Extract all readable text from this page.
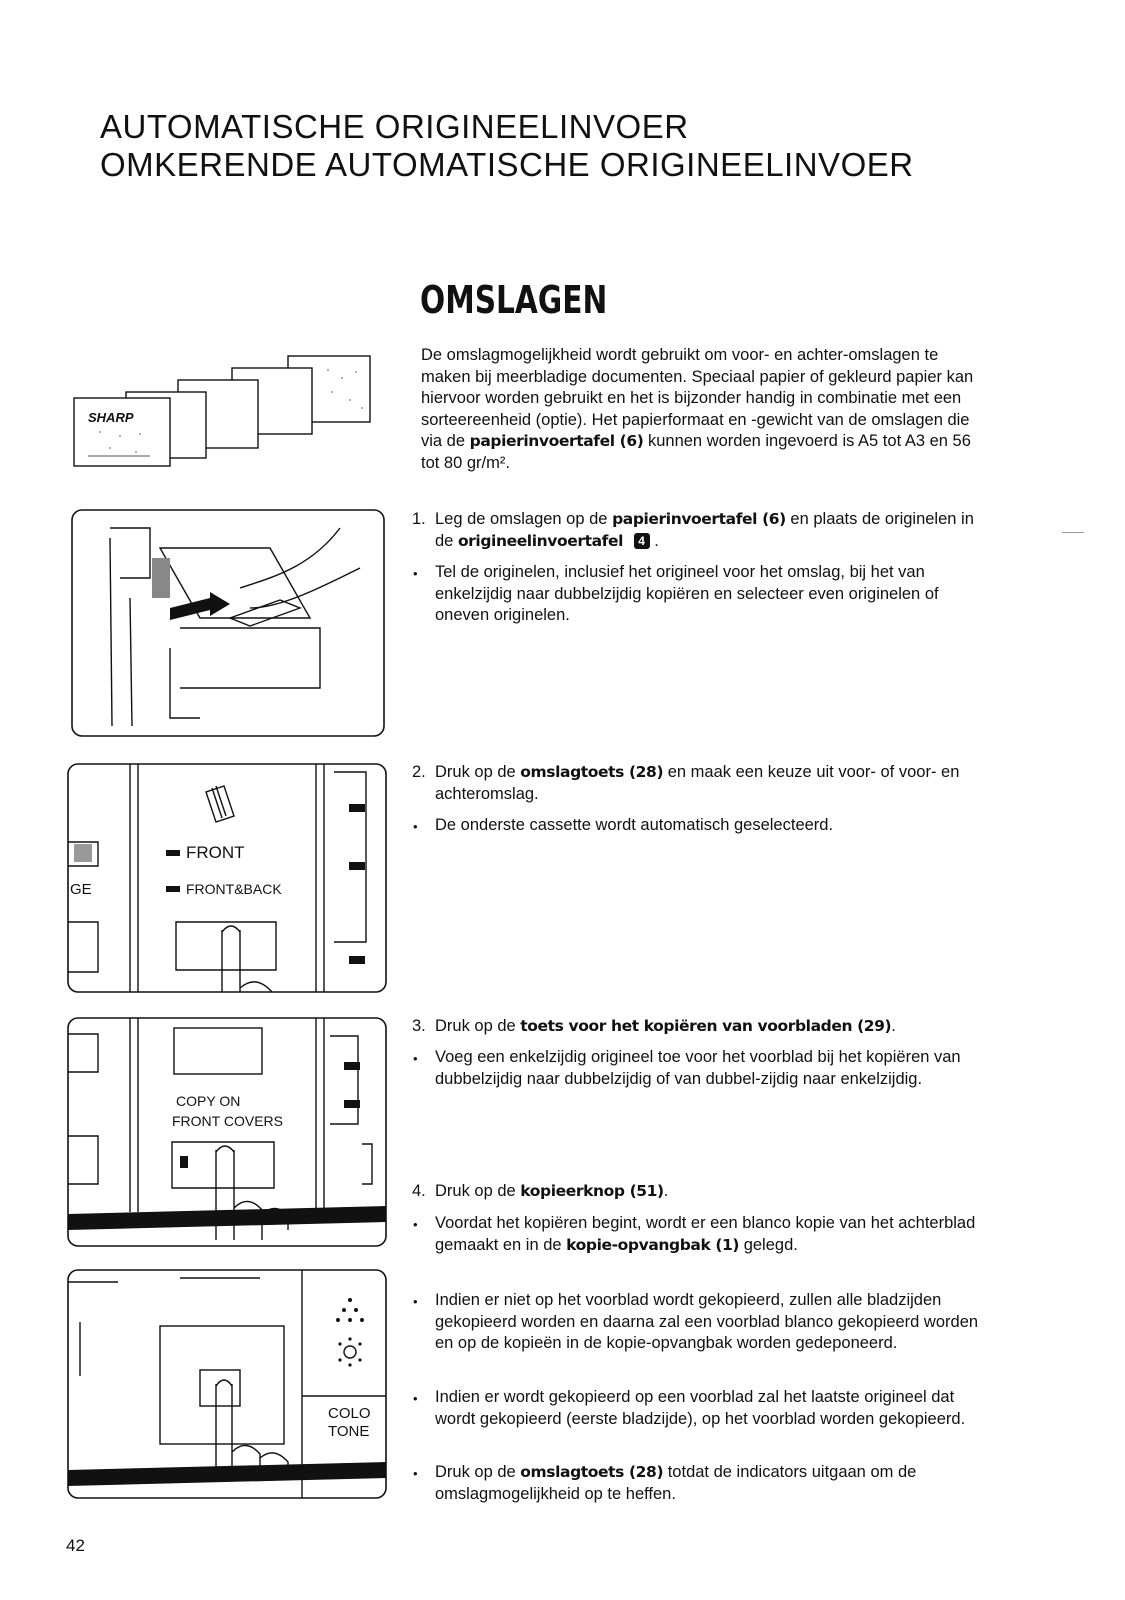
AUTOMATISCHE ORIGINEELINVOER
OMKERENDE AUTOMATISCHE ORIGINEELINVOER
OMSLAGEN
De omslagmogelijkheid wordt gebruikt om voor- en achter-omslagen te maken bij meerbladige documenten. Speciaal papier of gekleurd papier kan hiervoor worden gebruikt en het is bijzonder handig in combinatie met een sorteereenheid (optie). Het papierformaat en -gewicht van de omslagen die via de papierinvoertafel (6) kunnen worden ingevoerd is A5 tot A3 en 56 tot 80 gr/m².
1. Leg de omslagen op de papierinvoertafel (6) en plaats de originelen in de origineelinvoertafel 4 .
• Tel de originelen, inclusief het origineel voor het omslag, bij het van enkelzijdig naar dubbelzijdig kopiëren en selecteer even originelen of oneven originelen.
2. Druk op de omslagtoets (28) en maak een keuze uit voor- of voor- en achteromslag.
• De onderste cassette wordt automatisch geselecteerd.
3. Druk op de toets voor het kopiëren van voorbladen (29).
• Voeg een enkelzijdig origineel toe voor het voorblad bij het kopiëren van dubbelzijdig naar dubbelzijdig of van dubbel-zijdig naar enkelzijdig.
4. Druk op de kopieerknop (51).
• Voordat het kopiëren begint, wordt er een blanco kopie van het achterblad gemaakt en in de kopie-opvangbak (1) gelegd.
• Indien er niet op het voorblad wordt gekopieerd, zullen alle bladzijden gekopieerd worden en daarna zal een voorblad blanco gekopieerd worden en op de kopieën in de kopie-opvangbak worden gedeponeerd.
• Indien er wordt gekopieerd op een voorblad zal het laatste origineel dat wordt gekopieerd (eerste bladzijde), op het voorblad worden gekopieerd.
• Druk op de omslagtoets (28) totdat de indicators uitgaan om de omslagmogelijkheid op te heffen.
SHARP
FRONT
FRONT&BACK
GE
COPY ON
FRONT COVERS
COLO
TONE
42
